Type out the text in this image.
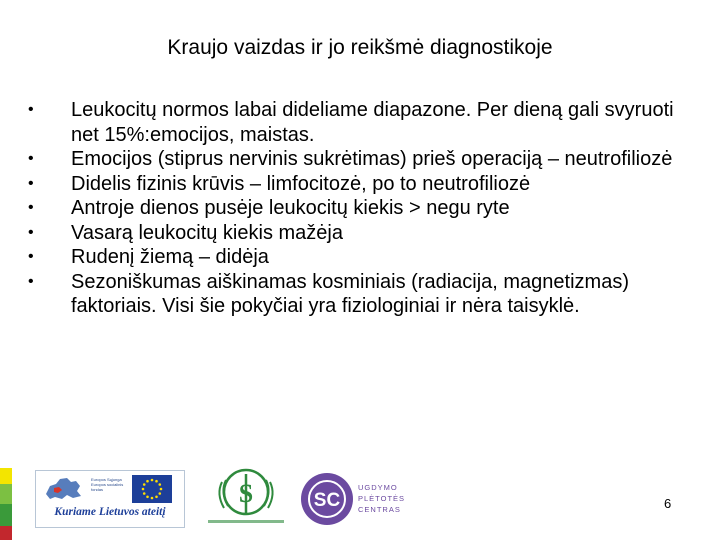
Kraujo vaizdas ir jo reikšmė diagnostikoje
•	Leukocitų normos labai dideliame diapazone. Per dieną gali svyruoti net 15%:emocijos, maistas.
•	Emocijos (stiprus nervinis sukrėtimas) prieš operaciją – neutrofiliozė
•	Didelis fizinis krūvis – limfocitozė, po to neutrofiliozė
•	Antroje dienos pusėje leukocitų kiekis > negu ryte
•	Vasarą leukocitų kiekis mažėja
•	Rudenį žiemą – didėja
•	Sezoniškumas aiškinamas kosminiais (radiacija, magnetizmas) faktoriais. Visi šie pokyčiai yra fiziologiniai ir nėra taisyklė.
Europos Sąjunga Europos socialinis fondas
Kuriame Lietuvos ateitį
S	SC
UGDYMO
PLĖTOTĖS
CENTRAS	6
